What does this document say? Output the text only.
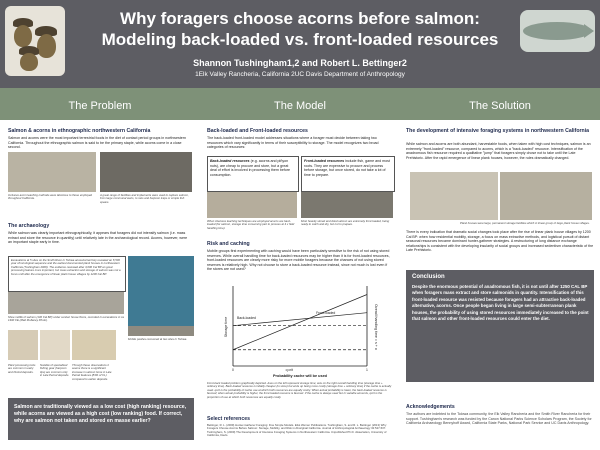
Why foragers choose acorns before salmon:
Modeling back-loaded vs. front-loaded resources
Shannon Tushingham1,2 and Robert L. Bettinger2
1Elk Valley Rancheria, California 2UC Davis Department of Anthropology
The Problem	The Model	The Solution
Salmon & acorns in ethnographic northwestern California
Salmon and acorns were the most important terrestrial foods in the diet of contact period groups in northwestern California. Throughout the ethnographic salmon is said to be the primary staple, while acorns come in a close second.
Inclusive acorn leaching methods were laborious to those employed throughout California.
A great range of facilities and implements were used to capture salmon, from large communal weirs, to nets and harpoon traps or simple fish spears.
The archaeology
While salmon was clearly important ethnographically, it appears that foragers did not intensify salmon (i.e. mass extract and store the resource in quantity) until relatively late in the archaeological record. Acorns, however, were an important staple early in time.
Excavations at 5 sites on the Smith River in Tolowa ancestral territory revealed an 8,500 year chronological sequence and the earliest documented plank houses in northwestern California (Tushingham 2009). The evidence reviewed after 3,000 Cal BP an great processing feature more important, but mass extraction and storage of salmon was not a focus until after the emergence of linear plank house villages by 1200 Cal BP.
Shoe midfle of salmon (130 Cal BP) under sunken house floors, recorded in excavations in ca 1300 CE (Matt Mullaney Photo).
Plant processing tools are common in early and Period deposits.
Notable of specialized fishing gear (harpoon tips) are common only in Late Period deposits.
Through these observations it seems there is a significant increase in salmon bone in Late Period features (83% of CL) compared to earlier deposits.
Mobile pestles recovered at two sites in Tolowa.
Salmon are traditionally viewed as a low cost (high ranking) resource, while acorns are viewed as a high cost (low ranking) food. If correct, why are salmon not taken and stored en masse earlier?
Back-loaded and Front-loaded resources
The back-loaded front-loaded model addresses situations where a forager must decide between taking two resources which vary significantly in terms of their susceptibility to storage. The model recognizes two broad categories of resources:
Back-loaded resources (e.g. acorns and piñyon nuts), are cheap to procure and store, but a great deal of effort is involved in processing them before consumption.
Front-loaded resources include fish, game and most roots. They are expensive to procure and process before storage, but once stored, do not take a lot of time to prepare.
When intensive leaching techniques are employed acorns are back-loaded (for salmon, storage time consuming part to process at 4 x field handling time).
Most heavily stored and dried salmon are extremely front-loaded, being ready to catch and dry, but not to prepare.
Risk and caching
Mobile groups first experimenting with caching would have been particularly sensitive to the risk of not using stored reserves. While overall handling time for back-loaded resources may be higher than it is for front-loaded resources, front-loaded resources are clearly more risky for more mobile foragers because the chances of not using stored reserves is relatively high. Why not choose to store a back-loaded resource instead, since not much is lost even if the stores are not used?
Back-loaded
Front-loaded
0	q crit	1
Probability cache will be used
Storage time	Overall handling time = s + o
Front-back loaded problem graphically depicted. Axes on the left represent storage time; axis on the right overall handling time (storage time + ordinary time). Back-loaded resource is initially cheaper (to store) but ends up being more costly (storage time + ordinary time) if the cache is actually used. qcrit is the probability of cache use at which both resources are equally costly. When actual probability is lower, the back-loaded resource is favored; when actual probability is higher, the front-loaded resource is favored. If the cache is always used but in variable amounts, qcrit is the proportion of use at which both resources are equally costly.
Select references
Bettinger, R. L. (2009) Hunter-Gatherer Foraging: Five Simple Models. Eliot Werner Publications. Tushingham, S. and R. L. Bettinger (2013) Why Foragers Choose Acorns Before Salmon: Storage, Mobility, and Risk in Aboriginal California. Journal of Anthropological Archaeology 32:527-537. Tushingham, S. (2009) The Development of Intensive Foraging Systems in Northwestern California. Unpublished Ph.D. dissertation, University of California, Davis.
The development of intensive foraging systems in northwestern California
While salmon and acorns are both abundant, harvestable foods, when taken with high cost techniques, salmon is an extremely "front-loaded" resource, compared to acorns, which is a "back-loaded" resource. Intensification of the anadromous fish resource required a qualitative "jump" that foragers simply chose not to take until the Late Prehistoric. After the rapid emergence of linear plank houses, however, the rules dramatically changed.
Plank houses were large, permanent storage facilities which in linear group of large plank house villages.
There is every indication that dramatic social changes took place after the rise of linear plank house villages by 1200 Cal BP: when how residential mobility, storage, a focus on mass extractive methods, and logistical pursuit of distant seasonal resources became dominant hunter-gatherer strategies. A restructuring of long distance exchange relationships is consistent with the developing insularity of social groups and increased sedentism characteristic of the Late Prehistoric.
Conclusion
Despite the enormous potential of anadromous fish, it is not until after 1250 CAL BP when foragers mass extract and store salmonids in quantity. Intensification of this front-loaded resource was resisted because foragers had an attractive back-loaded alternative, acorns. Once people began living in large semi-subterranean plank houses, the probability of using stored resources immediately increased to the point that salmon and other front-loaded resources could enter the diet.
Acknowledgements
The authors are indebted to the Tolowa community, the Elk Valley Rancheria and the Smith River Rancheria for their support. Tushingham's research was funded by the Canon National Parks Science Scholars Program, the Society for California Archaeology Bennyhoff Award, California State Parks, National Park Service and UC Davis Anthropology.
